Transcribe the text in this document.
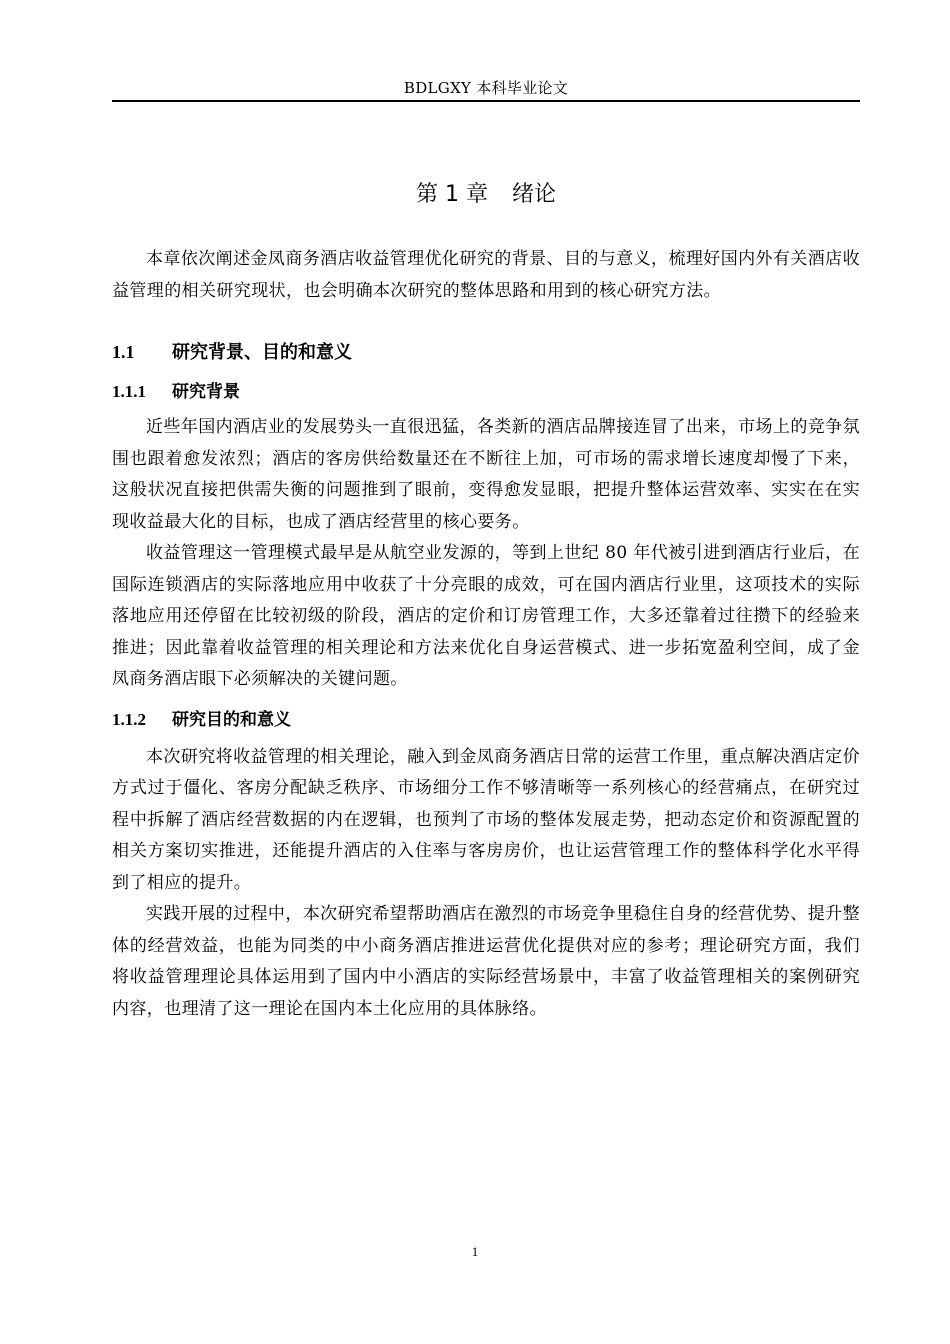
BDLGXY 本科毕业论文
第 1 章 绪论

本章依次阐述金凤商务酒店收益管理优化研究的背景、目的与意义，梳理好国内外有关酒店收益管理的相关研究现状，也会明确本次研究的整体思路和用到的核心研究方法。

1.1 研究背景、目的和意义
1.1.1 研究背景

近些年国内酒店业的发展势头一直很迅猛，各类新的酒店品牌接连冒了出来，市场上的竞争氛围也跟着愈发浓烈；酒店的客房供给数量还在不断往上加，可市场的需求增长速度却慢了下来，这般状况直接把供需失衡的问题推到了眼前，变得愈发显眼，把提升整体运营效率、实实在在实现收益最大化的目标，也成了酒店经营里的核心要务。

收益管理这一管理模式最早是从航空业发源的，等到上世纪 80 年代被引进到酒店行业后，在国际连锁酒店的实际落地应用中收获了十分亮眼的成效，可在国内酒店行业里，这项技术的实际落地应用还停留在比较初级的阶段，酒店的定价和订房管理工作，大多还靠着过往攒下的经验来推进；因此靠着收益管理的相关理论和方法来优化自身运营模式、进一步拓宽盈利空间，成了金凤商务酒店眼下必须解决的关键问题。

1.1.2 研究目的和意义

本次研究将收益管理的相关理论，融入到金凤商务酒店日常的运营工作里，重点解决酒店定价方式过于僵化、客房分配缺乏秩序、市场细分工作不够清晰等一系列核心的经营痛点，在研究过程中拆解了酒店经营数据的内在逻辑，也预判了市场的整体发展走势，把动态定价和资源配置的相关方案切实推进，还能提升酒店的入住率与客房房价，也让运营管理工作的整体科学化水平得到了相应的提升。

实践开展的过程中，本次研究希望帮助酒店在激烈的市场竞争里稳住自身的经营优势、提升整体的经营效益，也能为同类的中小商务酒店推进运营优化提供对应的参考；理论研究方面，我们将收益管理理论具体运用到了国内中小酒店的实际经营场景中，丰富了收益管理相关的案例研究内容，也理清了这一理论在国内本土化应用的具体脉络。

1
